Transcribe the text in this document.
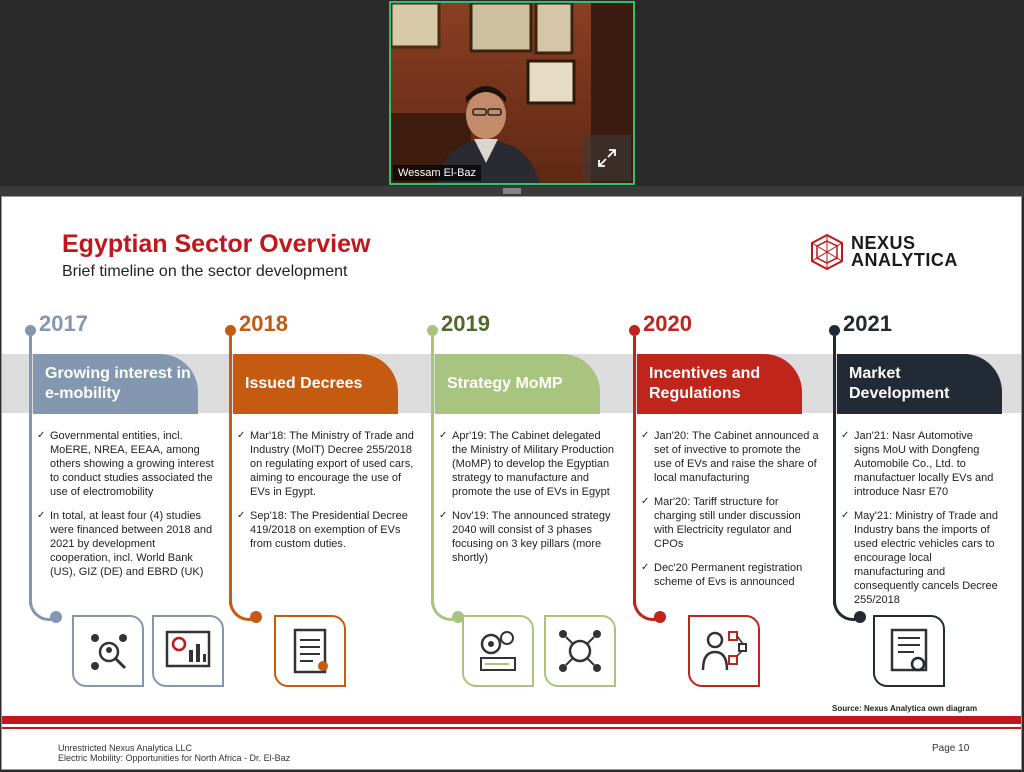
Wessam El-Baz
Egyptian Sector Overview
Brief timeline on the sector development
NEXUS
ANALYTICA
2017
Growing interest in e-mobility
✓ Governmental entities, incl. MoERE, NREA, EEAA, among others showing a growing interest to conduct studies associated the use of electromobility
✓ In total, at least four (4) studies were financed between 2018 and 2021 by development cooperation, incl. World Bank (US), GIZ (DE) and EBRD (UK)
2018
Issued Decrees
✓ Mar'18: The Ministry of Trade and Industry (MoIT) Decree 255/2018 on regulating export of used cars, aiming to encourage the use of EVs in Egypt.
✓ Sep'18: The Presidential Decree 419/2018 on exemption of EVs from custom duties.
2019
Strategy MoMP
✓ Apr'19: The Cabinet delegated the Ministry of Military Production (MoMP) to develop the Egyptian strategy to manufacture and promote the use of EVs in Egypt
✓ Nov'19: The announced strategy 2040 will consist of 3 phases focusing on 3 key pillars (more shortly)
2020
Incentives and Regulations
✓ Jan'20: The Cabinet announced a set of invective to promote the use of EVs and raise the share of local manufacturing
✓ Mar'20: Tariff structure for charging still under discussion with Electricity regulator and CPOs
✓ Dec'20 Permanent registration scheme of Evs is announced
2021
Market Development
✓ Jan'21: Nasr Automotive signs MoU with Dongfeng Automobile Co., Ltd. to manufactuer locally EVs and introduce Nasr E70
✓ May'21: Ministry of Trade and Industry bans the imports of used electric vehicles cars to encourage local manufacturing and consequently cancels Decree 255/2018
Source: Nexus Analytica own diagram
Unrestricted Nexus Analytica LLC
Electric Mobility: Opportunities for North Africa - Dr. El-Baz
Page 10
